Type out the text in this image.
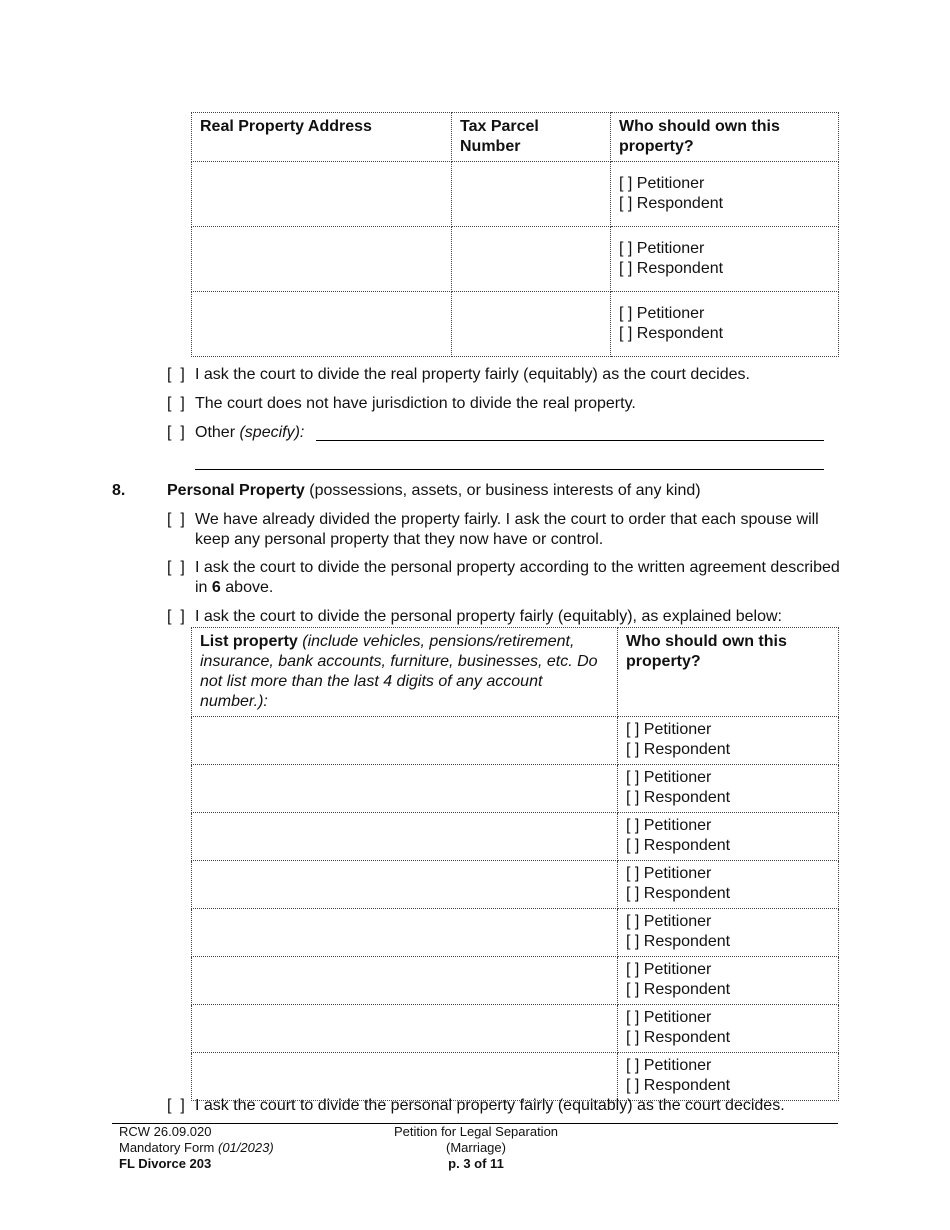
Real Property Address	Tax Parcel Number	Who should own this property?

		[ ] Petitioner
[ ] Respondent

		[ ] Petitioner
[ ] Respondent

		[ ] Petitioner
[ ] Respondent
[  ] I ask the court to divide the real property fairly (equitably) as the court decides.
[  ] The court does not have jurisdiction to divide the real property.
[  ] Other (specify):
8.	Personal Property (possessions, assets, or business interests of any kind)
[  ] We have already divided the property fairly. I ask the court to order that each spouse will keep any personal property that they now have or control.
[  ] I ask the court to divide the personal property according to the written agreement described in 6 above.
[  ] I ask the court to divide the personal property fairly (equitably), as explained below:
List property (include vehicles, pensions/retirement, insurance, bank accounts, furniture, businesses, etc. Do not list more than the last 4 digits of any account number.):	Who should own this property?

	[ ] Petitioner
[ ] Respondent

	[ ] Petitioner
[ ] Respondent

	[ ] Petitioner
[ ] Respondent

	[ ] Petitioner
[ ] Respondent

	[ ] Petitioner
[ ] Respondent

	[ ] Petitioner
[ ] Respondent

	[ ] Petitioner
[ ] Respondent

	[ ] Petitioner
[ ] Respondent
[  ] I ask the court to divide the personal property fairly (equitably) as the court decides.
RCW 26.09.020
Mandatory Form (01/2023)
FL Divorce 203
Petition for Legal Separation
(Marriage)
p. 3 of 11
